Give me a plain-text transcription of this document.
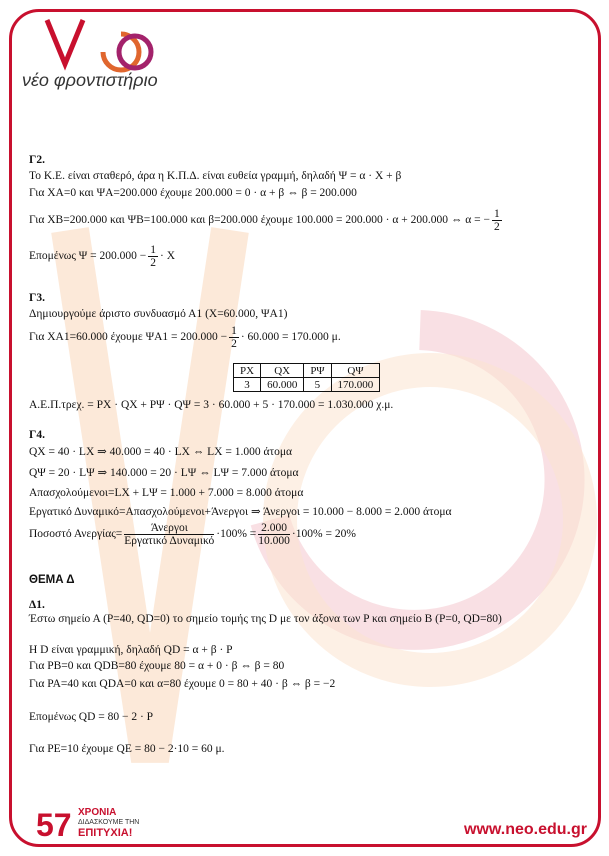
νέο φροντιστήριο
Γ2.
Το Κ.Ε. είναι σταθερό, άρα η Κ.Π.Δ. είναι ευθεία γραμμή, δηλαδή Ψ = α · Χ + β
Για ΧA=0 και ΨA=200.000 έχουμε 200.000 = 0 · α + β ⇔ β = 200.000
Για ΧB=200.000 και ΨB=100.000 και β=200.000 έχουμε 100.000 = 200.000 · α + 200.000 ⇔ α = − $\frac{1}{2}$
Επομένως $\Psi = 200.000 - \frac{1}{2} \cdot X$
Γ3.
Δημιουργούμε άριστο συνδυασμό Α1 (Χ=60.000, ΨA1)
Για ΧA1=60.000 έχουμε $\Psi A1 = 200.000 - \frac{1}{2} \cdot 60.000 = 170.000$ μ.
Α.Ε.Π.τρεχ. = PX · QX + PΨ · QΨ = 3 · 60.000 + 5 · 170.000 = 1.030.000 χ.μ.
Γ4.
QX = 40 · LX ⇒ 40.000 = 40 · LX ⇔ LX = 1.000 άτομα
QΨ = 20 · LΨ ⇒ 140.000 = 20 · LΨ ⇔ LΨ = 7.000 άτομα
Απασχολούμενοι=LX + LΨ = 1.000 + 7.000 = 8.000 άτομα
Εργατικό Δυναμικό=Απασχολούμενοι+Άνεργοι ⇒ Άνεργοι = 10.000 − 8.000 = 2.000 άτομα
Ποσοστό $A\nu\varepsilon\rho\gamma ί\alpha\varsigma= \frac{\text{Άνεργοι}}{\text{Εργατικό Δυναμικό}} \cdot 100\% = \frac{2.000}{10.000} \cdot 100\% = 20\%$
ΘΕΜΑ Δ
Δ1.
Έστω σημείο Α (P=40, QD=0) το σημείο τομής της D με τον άξονα των P και σημείο Β (P=0, QD=80)
Η D είναι γραμμική, δηλαδή QD = α + β · P
Για PB=0 και QDB=80 έχουμε 80 = α + 0 · β ⇔ β = 80
Για PA=40 και QDA=0 και α=80 έχουμε 0 = 80 + 40 · β ⇔ β = −2
Επομένως QD = 80 − 2 · P
Για PE=10 έχουμε QE = 80 − 2·10 = 60 μ.
PX	QX	PΨ	QΨ
3	60.000	5	170.000
57 ΧΡΟΝΙΑ
ΔΙΔΑΣΚΟΥΜΕ ΤΗΝ
ΕΠΙΤΥΧΙΑ!	www.neo.edu.gr
